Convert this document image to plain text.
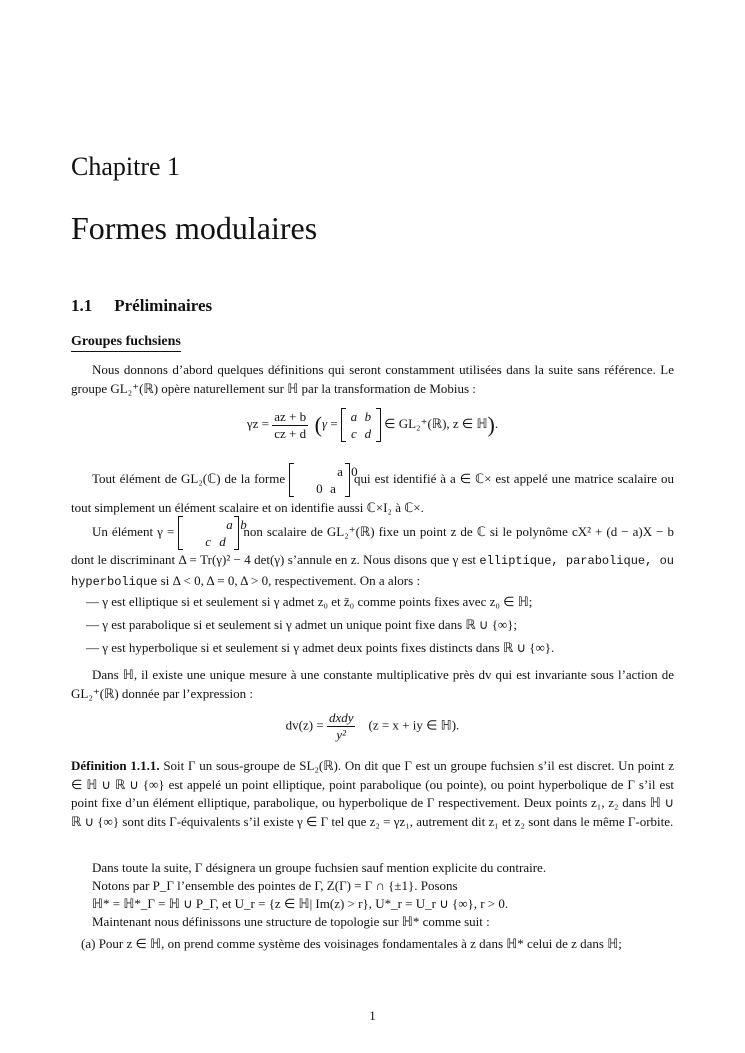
Chapitre 1
Formes modulaires
1.1 Préliminaires
Groupes fuchsiens
Nous donnons d’abord quelques définitions qui seront constamment utilisées dans la suite sans référence. Le groupe GL₂⁺(ℝ) opère naturellement sur ℍ par la transformation de Mobius :
$\gamma z = \frac{az + b}{cz + d} (\gamma = a$ b
c d ∈ GL₂⁺(ℝ), z ∈ ℍ).
Tout élément de GL₂(ℂ) de la forme	a 0
0 a qui est identifié à a ∈ ℂ× est appelé une matrice scalaire ou tout simplement un élément scalaire et on identifie aussi ℂ×I₂ à ℂ×.
Un élément γ =	a b
c d non scalaire de GL₂⁺(ℝ) fixe un point z de ℂ si le polynôme cX² + (d − a)X − b dont le discriminant Δ = Tr(γ)² − 4 det(γ) s’annule en z. Nous disons que γ est elliptique, parabolique, ou hyperbolique si Δ < 0, Δ = 0, Δ > 0, respectivement. On a alors :
— γ est elliptique si et seulement si γ admet z₀ et z̄₀ comme points fixes avec z₀ ∈ ℍ;
— γ est parabolique si et seulement si γ admet un unique point fixe dans ℝ ∪ {∞};
— γ est hyperbolique si et seulement si γ admet deux points fixes distincts dans ℝ ∪ {∞}.
Dans ℍ, il existe une unique mesure à une constante multiplicative près dv qui est invariante sous l’action de GL₂⁺(ℝ) donnée par l’expression :
$dv(z) = \frac{\text{dxdy}}{\text{y²}} (z = x$ + iy ∈ ℍ).
Définition 1.1.1. Soit Γ un sous-groupe de SL₂(ℝ). On dit que Γ est un groupe fuchsien s’il est discret. Un point z ∈ ℍ ∪ ℝ ∪ {∞} est appelé un point elliptique, point parabolique (ou pointe), ou point hyperbolique de Γ s’il est point fixe d’un élément elliptique, parabolique, ou hyperbolique de Γ respectivement. Deux points z₁, z₂ dans ℍ ∪ ℝ ∪ {∞} sont dits Γ-équivalents s’il existe γ ∈ Γ tel que z₂ = γz₁, autrement dit z₁ et z₂ sont dans le même Γ-orbite.
Dans toute la suite, Γ désignera un groupe fuchsien sauf mention explicite du contraire.
Notons par P_Γ l’ensemble des pointes de Γ, Z(Γ) = Γ ∩ {±1}. Posons
ℍ* = ℍ*_Γ = ℍ ∪ P_Γ, et U_r = {z ∈ ℍ| Im(z) > r}, U*_r = U_r ∪ {∞}, r > 0.
Maintenant nous définissons une structure de topologie sur ℍ* comme suit :
(a) Pour z ∈ ℍ, on prend comme système des voisinages fondamentales à z dans ℍ* celui de z dans ℍ;
1
